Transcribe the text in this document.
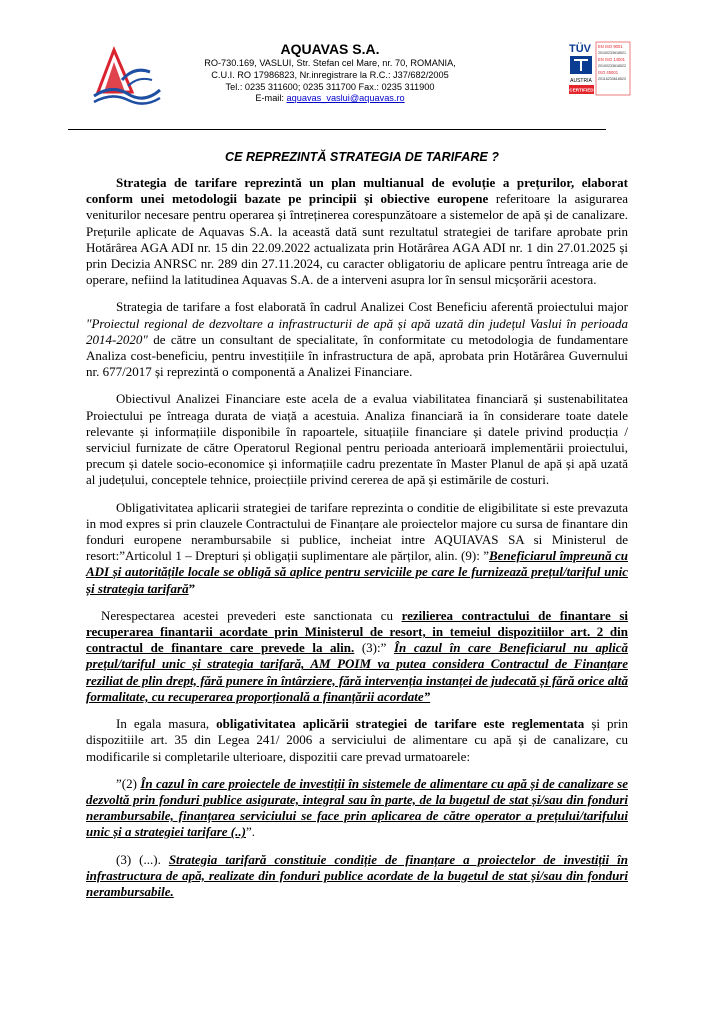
AQUAVAS S.A.
RO-730.169, VASLUI, Str. Stefan cel Mare, nr. 70, ROMANIA,
C.U.I. RO 17986823, Nr.inregistrare la R.C.: J37/682/2005
Tel.: 0235 311600; 0235 311700 Fax.: 0235 311900
E-mail: aquavas_vaslui@aquavas.ro
TÜV
AUSTRIA
CERTIFIED
EN ISO 9001
20100233618521
EN ISO 14001
20100233618522
ISO 45001
20116233618523
CE REPREZINTĂ STRATEGIA DE TARIFARE ?

Strategia de tarifare reprezintă un plan multianual de evoluție a prețurilor, elaborat conform unei metodologii bazate pe principii și obiective europene referitoare la asigurarea veniturilor necesare pentru operarea și întreținerea corespunzătoare a sistemelor de apă și de canalizare. Prețurile aplicate de Aquavas S.A. la această dată sunt rezultatul strategiei de tarifare aprobate prin Hotărârea AGA ADI nr. 15 din 22.09.2022 actualizata prin Hotărârea AGA ADI nr. 1 din 27.01.2025 și prin Decizia ANRSC nr. 289 din 27.11.2024, cu caracter obligatoriu de aplicare pentru întreaga arie de operare, nefiind la latitudinea Aquavas S.A. de a interveni asupra lor în sensul micșorării acestora.

Strategia de tarifare a fost elaborată în cadrul Analizei Cost Beneficiu aferentă proiectului major "Proiectul regional de dezvoltare a infrastructurii de apă și apă uzată din județul Vaslui în perioada 2014-2020" de către un consultant de specialitate, în conformitate cu metodologia de fundamentare Analiza cost-beneficiu, pentru investițiile în infrastructura de apă, aprobata prin Hotărârea Guvernului nr. 677/2017 și reprezintă o componentă a Analizei Financiare.

Obiectivul Analizei Financiare este acela de a evalua viabilitatea financiară și sustenabilitatea Proiectului pe întreaga durata de viață a acestuia. Analiza financiară ia în considerare toate datele relevante și informațiile disponibile în rapoartele, situațiile financiare și datele privind producția / serviciul furnizate de către Operatorul Regional pentru perioada anterioară implementării proiectului, precum și datele socio-economice și informațiile cadru prezentate în Master Planul de apă și apă uzată al județului, conceptele tehnice, proiecțiile privind cererea de apă și estimările de costuri.

Obligativitatea aplicarii strategiei de tarifare reprezinta o conditie de eligibilitate si este prevazuta in mod expres si prin clauzele Contractului de Finanțare ale proiectelor majore cu sursa de finantare din fonduri europene nerambursabile si publice, incheiat intre AQUIAVAS SA si Ministerul de resort:”Articolul 1 – Drepturi și obligații suplimentare ale părților, alin. (9): ”Beneficiarul împreună cu ADI și autoritățile locale se obligă să aplice pentru serviciile pe care le furnizează prețul/tariful unic și strategia tarifară”

Nerespectarea acestei prevederi este sanctionata cu rezilierea contractului de finantare si recuperarea finantarii acordate prin Ministerul de resort, in temeiul dispozitiilor art. 2 din contractul de finantare care prevede la alin. (3):” În cazul în care Beneficiarul nu aplică prețul/tariful unic și strategia tarifară, AM POIM va putea considera Contractul de Finanțare reziliat de plin drept, fără punere în întârziere, fără intervenția instanței de judecată și fără orice altă formalitate, cu recuperarea proporțională a finanțării acordate”

In egala masura, obligativitatea aplicării strategiei de tarifare este reglementata și prin dispozitiile art. 35 din Legea 241/ 2006 a serviciului de alimentare cu apă și de canalizare, cu modificarile si completarile ulterioare, dispozitii care prevad urmatoarele:

”(2) În cazul în care proiectele de investiții în sistemele de alimentare cu apă și de canalizare se dezvoltă prin fonduri publice asigurate, integral sau în parte, de la bugetul de stat și/sau din fonduri nerambursabile, finanțarea serviciului se face prin aplicarea de către operator a prețului/tarifului unic și a strategiei tarifare (..)”.

(3) (...). Strategia tarifară constituie condiție de finanțare a proiectelor de investiții în infrastructura de apă, realizate din fonduri publice acordate de la bugetul de stat și/sau din fonduri nerambursabile.
